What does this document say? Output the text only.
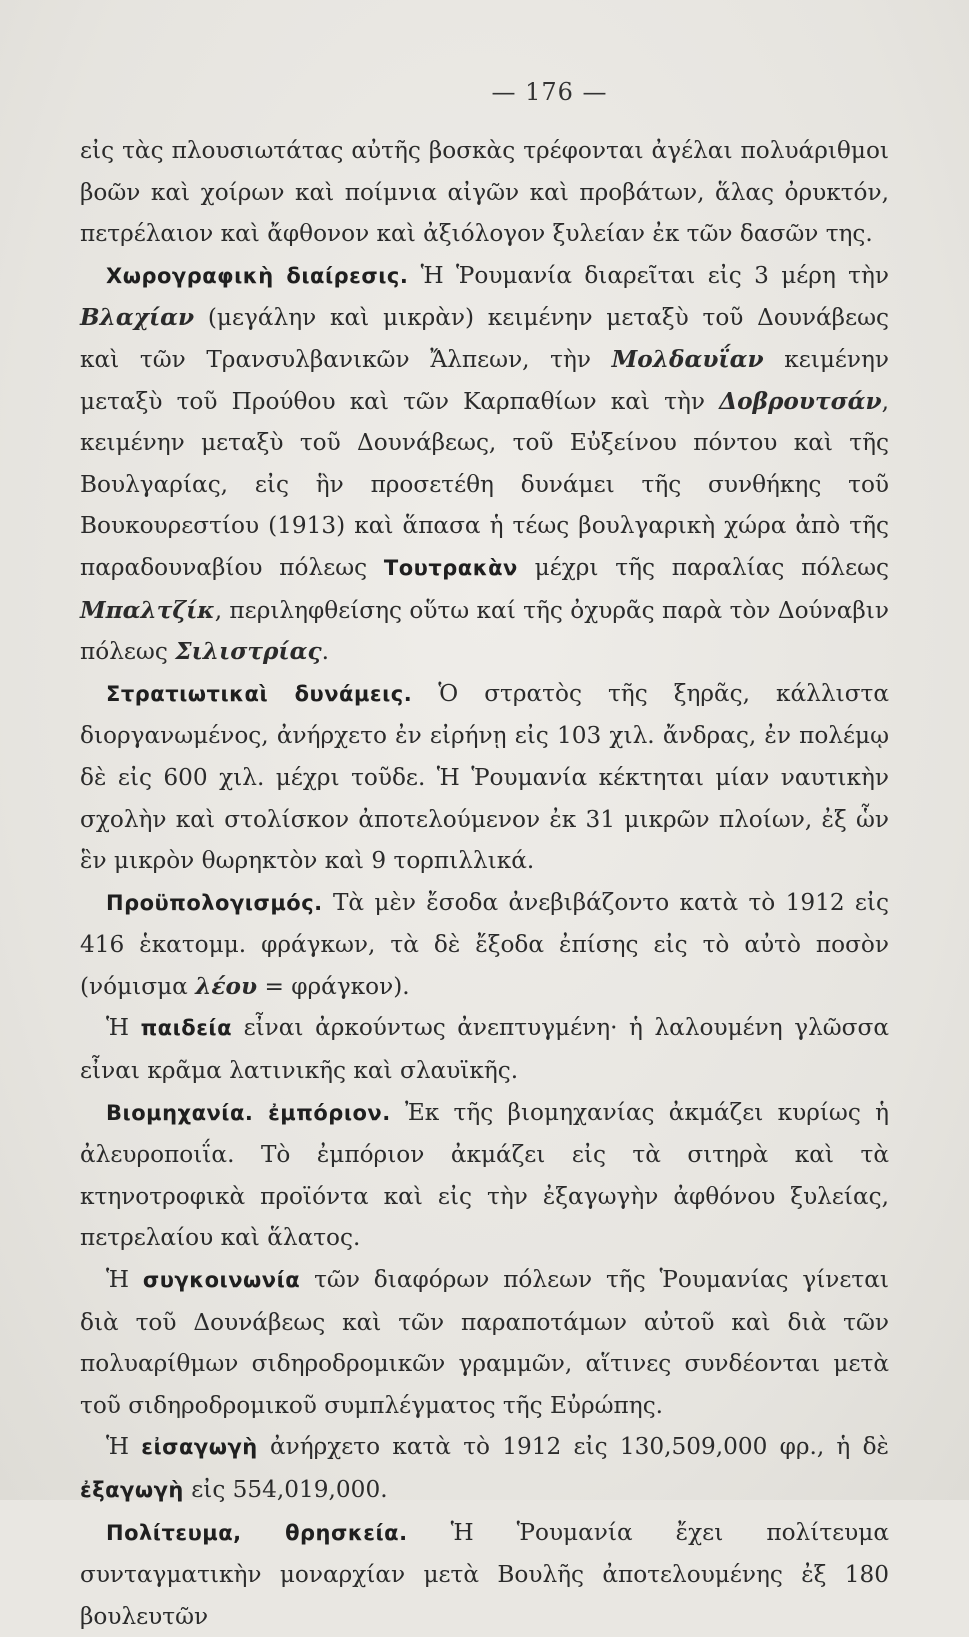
— 176 —

εἰς τὰς πλουσιωτάτας αὐτῆς βοσκὰς τρέφονται ἀγέλαι πολυάριθμοι βοῶν καὶ χοίρων καὶ ποίμνια αἰγῶν καὶ προβάτων, ἅλας ὀρυκτόν, πετρέλαιον καὶ ἄφθονον καὶ ἀξιόλογον ξυλείαν ἐκ τῶν δασῶν της.

Χωρογραφικὴ διαίρεσις. Ἡ Ῥουμανία διαρεῖται εἰς 3 μέρη τὴν Βλαχίαν (μεγάλην καὶ μικρὰν) κειμένην μεταξὺ τοῦ Δουνάβεως καὶ τῶν Τρανσυλβανικῶν Ἄλπεων, τὴν Μολδαυΐαν κειμένην μεταξὺ τοῦ Προύθου καὶ τῶν Καρπαθίων καὶ τὴν Δοβρουτσάν, κειμένην μεταξὺ τοῦ Δουνάβεως, τοῦ Εὐξείνου πόντου καὶ τῆς Βουλγαρίας, εἰς ἣν προσετέθη δυνάμει τῆς συνθήκης τοῦ Βουκουρεστίου (1913) καὶ ἅπασα ἡ τέως βουλγαρικὴ χώρα ἀπὸ τῆς παραδουναβίου πόλεως Τουτρακὰν μέχρι τῆς παραλίας πόλεως Μπαλτζίκ, περιληφθείσης οὕτω καί τῆς ὀχυρᾶς παρὰ τὸν Δούναβιν πόλεως Σιλιστρίας.

Στρατιωτικαὶ δυνάμεις. Ὁ στρατὸς τῆς ξηρᾶς, κάλλιστα διοργανωμένος, ἀνήρχετο ἐν εἰρήνῃ εἰς 103 χιλ. ἄνδρας, ἐν πολέμῳ δὲ εἰς 600 χιλ. μέχρι τοῦδε. Ἡ Ῥουμανία κέκτηται μίαν ναυτικὴν σχολὴν καὶ στολίσκον ἀποτελούμενον ἐκ 31 μικρῶν πλοίων, ἐξ ὧν ἓν μικρὸν θωρηκτὸν καὶ 9 τορπιλλικά.

Προϋπολογισμός. Τὰ μὲν ἔσοδα ἀνεβιβάζοντο κατὰ τὸ 1912 εἰς 416 ἑκατομμ. φράγκων, τὰ δὲ ἔξοδα ἐπίσης εἰς τὸ αὐτὸ ποσὸν (νόμισμα λέου = φράγκον).

Ἡ παιδεία εἶναι ἀρκούντως ἀνεπτυγμένη· ἡ λαλουμένη γλῶσσα εἶναι κρᾶμα λατινικῆς καὶ σλαυϊκῆς.

Βιομηχανία. ἐμπόριον. Ἐκ τῆς βιομηχανίας ἀκμάζει κυρίως ἡ ἀλευροποιΐα. Τὸ ἐμπόριον ἀκμάζει εἰς τὰ σιτηρὰ καὶ τὰ κτηνοτροφικὰ προϊόντα καὶ εἰς τὴν ἐξαγωγὴν ἀφθόνου ξυλείας, πετρελαίου καὶ ἅλατος.

Ἡ συγκοινωνία τῶν διαφόρων πόλεων τῆς Ῥουμανίας γίνεται διὰ τοῦ Δουνάβεως καὶ τῶν παραποτάμων αὐτοῦ καὶ διὰ τῶν πολυαρίθμων σιδηροδρομικῶν γραμμῶν, αἵτινες συνδέονται μετὰ τοῦ σιδηροδρομικοῦ συμπλέγματος τῆς Εὐρώπης.

Ἡ εἰσαγωγὴ ἀνήρχετο κατὰ τὸ 1912 εἰς 130,509,000 φρ., ἡ δὲ ἐξαγωγὴ εἰς 554,019,000.

Πολίτευμα, θρησκεία. Ἡ Ῥουμανία ἔχει πολίτευμα συνταγματικὴν μοναρχίαν μετὰ Βουλῆς ἀποτελουμένης ἐξ 180 βουλευτῶν
